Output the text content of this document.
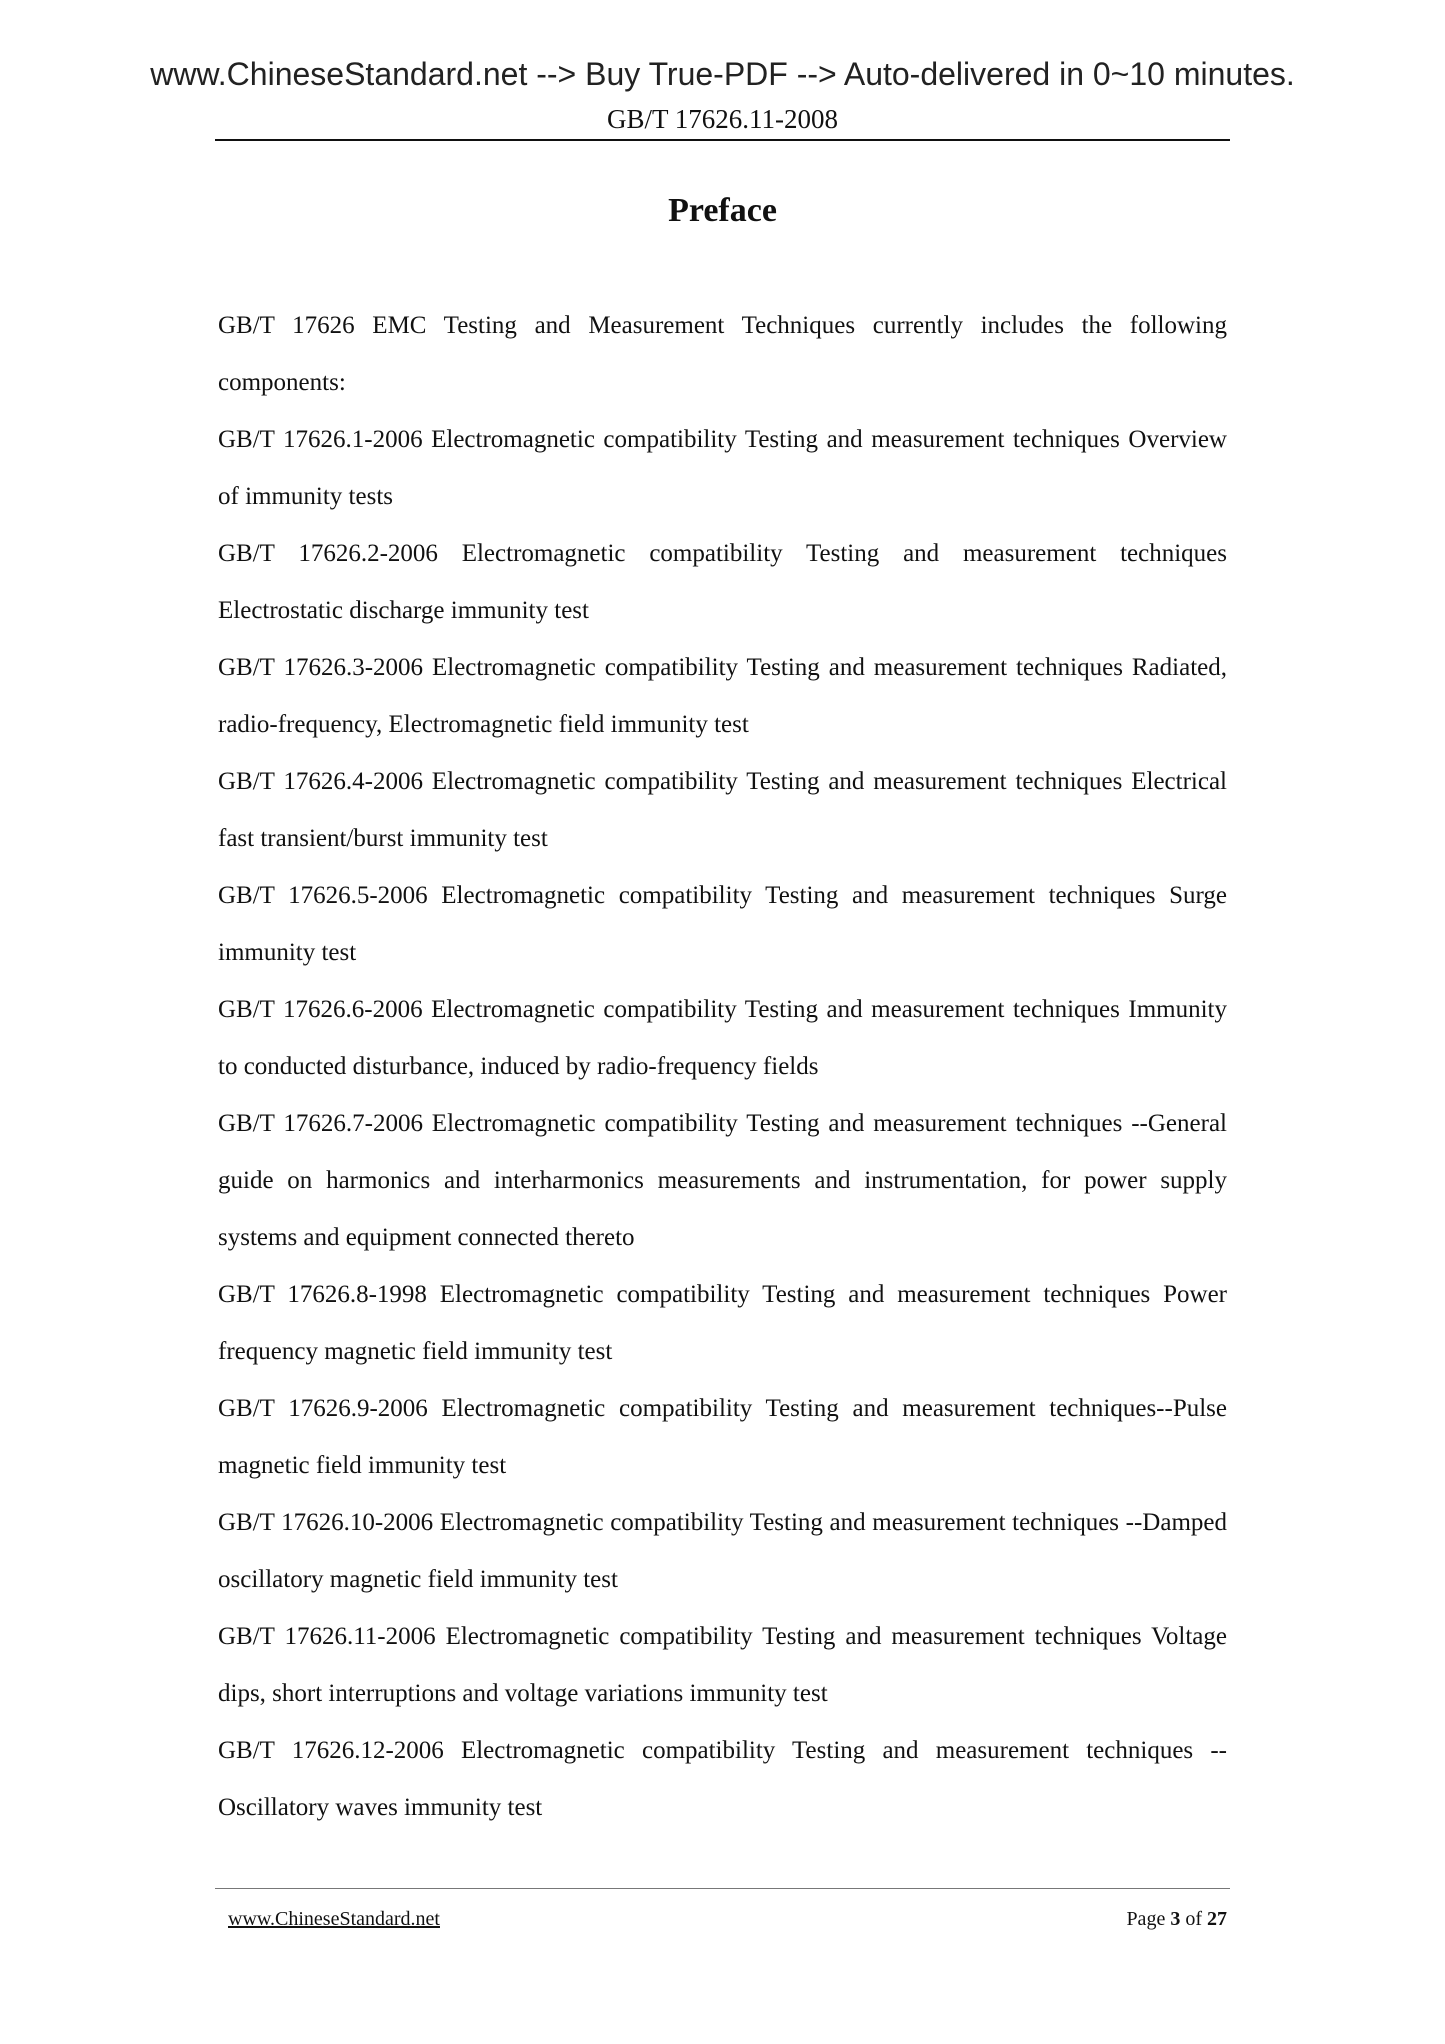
www.ChineseStandard.net --> Buy True-PDF --> Auto-delivered in 0~10 minutes.
GB/T 17626.11-2008
Preface

GB/T 17626 EMC Testing and Measurement Techniques currently includes the following components:

GB/T 17626.1-2006 Electromagnetic compatibility Testing and measurement techniques Overview of immunity tests

GB/T 17626.2-2006 Electromagnetic compatibility Testing and measurement techniques Electrostatic discharge immunity test

GB/T 17626.3-2006 Electromagnetic compatibility Testing and measurement techniques Radiated, radio-frequency, Electromagnetic field immunity test

GB/T 17626.4-2006 Electromagnetic compatibility Testing and measurement techniques Electrical fast transient/burst immunity test

GB/T 17626.5-2006 Electromagnetic compatibility Testing and measurement techniques Surge immunity test

GB/T 17626.6-2006 Electromagnetic compatibility Testing and measurement techniques Immunity to conducted disturbance, induced by radio-frequency fields

GB/T 17626.7-2006 Electromagnetic compatibility Testing and measurement techniques --General guide on harmonics and interharmonics measurements and instrumentation, for power supply systems and equipment connected thereto

GB/T 17626.8-1998 Electromagnetic compatibility Testing and measurement techniques Power frequency magnetic field immunity test

GB/T 17626.9-2006 Electromagnetic compatibility Testing and measurement techniques--Pulse magnetic field immunity test

GB/T 17626.10-2006 Electromagnetic compatibility Testing and measurement techniques --Damped oscillatory magnetic field immunity test

GB/T 17626.11-2006 Electromagnetic compatibility Testing and measurement techniques Voltage dips, short interruptions and voltage variations immunity test

GB/T 17626.12-2006 Electromagnetic compatibility Testing and measurement techniques --Oscillatory waves immunity test

www.ChineseStandard.net	Page 3 of 27
